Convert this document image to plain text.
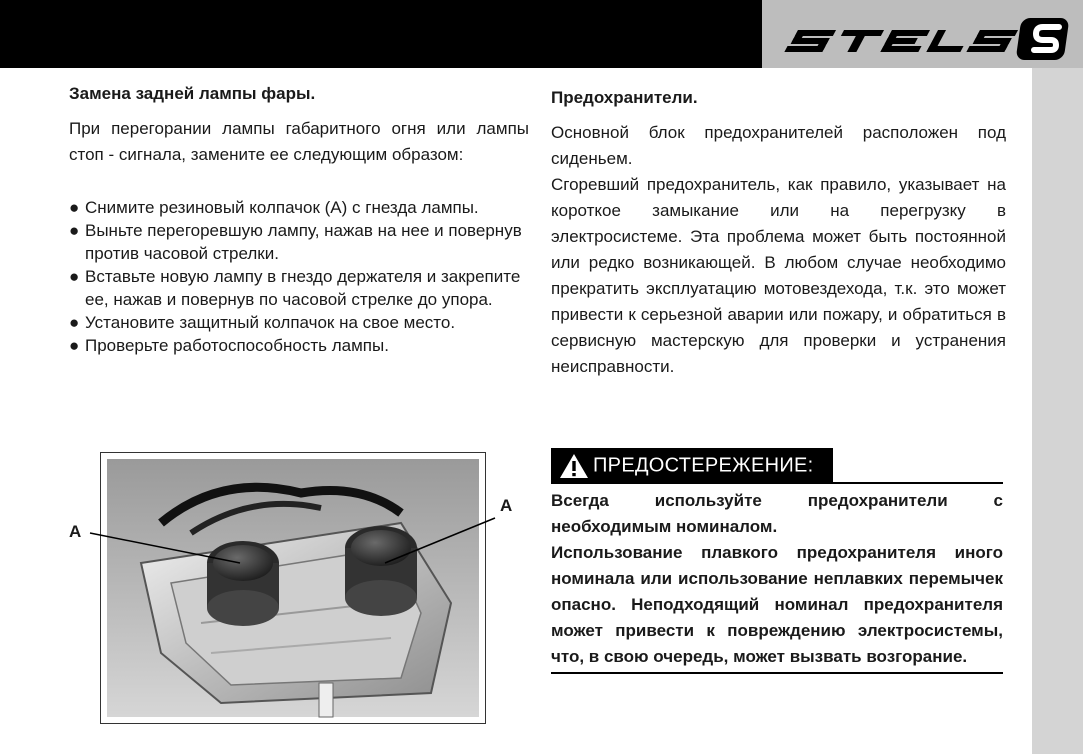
Замена задней лампы фары.

При перегорании лампы габаритного огня или лампы стоп - сигнала, замените ее следующим образом:

● Снимите резиновый колпачок (A) с гнезда лампы.
● Выньте перегоревшую лампу, нажав на нее и повернув против часовой стрелки.
● Вставьте новую лампу в гнездо держателя и закрепите ее, нажав и повернув по часовой стрелке до упора.
● Установите защитный колпачок на свое место.
● Проверьте работоспособность лампы.
A
A

Предохранители.

Основной блок предохранителей расположен под сиденьем.

Сгоревший предохранитель, как правило, указывает на короткое замыкание или на перегрузку в электросистеме. Эта проблема может быть постоянной или редко возникающей. В любом случае необходимо прекратить эксплуатацию мотовездехода, т.к. это может привести к серьезной аварии или пожару, и обратиться в сервисную мастерскую для проверки и устранения неисправности.

ПРЕДОСТЕРЕЖЕНИЕ:

Всегда используйте предохранители с необходимым номиналом.

Использование плавкого предохранителя иного номинала или использование неплавких перемычек опасно. Неподходящий номинал предохранителя может привести к повреждению электросистемы, что, в свою очередь, может вызвать возгорание.
